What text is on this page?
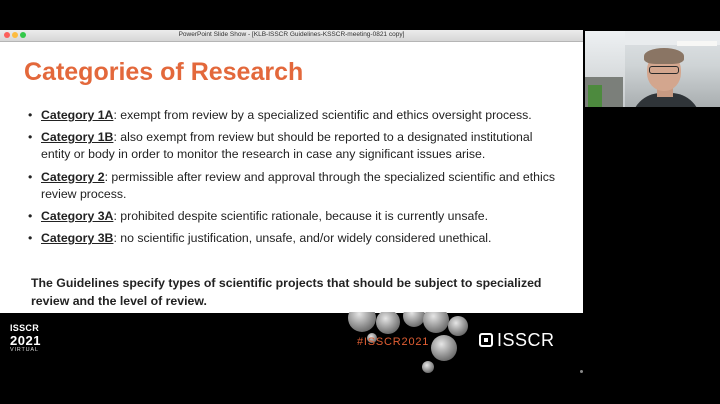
PowerPoint Slide Show - [KLB-ISSCR Guidelines-KSSCR-meeting-0821 copy]
Categories of Research
• Category 1A: exempt from review by a specialized scientific and ethics oversight process.
• Category 1B: also exempt from review but should be reported to a designated institutional entity or body in order to monitor the research in case any significant issues arise.
• Category 2: permissible after review and approval through the specialized scientific and ethics review process.
• Category 3A: prohibited despite scientific rationale, because it is currently unsafe.
• Category 3B: no scientific justification, unsafe, and/or widely considered unethical.

The Guidelines specify types of scientific projects that should be subject to specialized review and the level of review.

ISSCR
2021
VIRTUAL
#ISSCR2021	ISSCR
